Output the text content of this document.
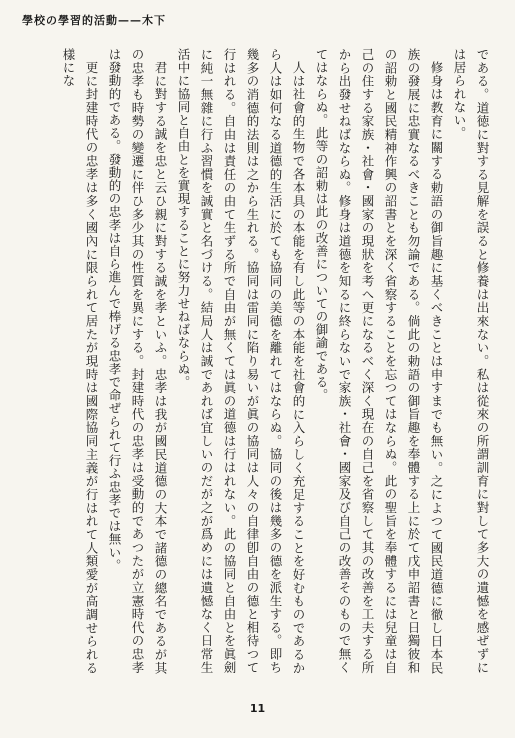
學校の學習的活動——木下

である。道徳に對する見解を誤ると修養は出來ない。私は從來の所謂訓育に對して多大の遺憾を感ぜずには居られない。

修身は教育に關する勅語の御旨趣に基くべきことは申すまでも無い。之によつて國民道德に徹し日本民族の發展に忠實なるべきことも勿論である。倘此の勅語の御旨趣を奉體する上に於て戊申詔書と日獨彼和の詔勅と國民精神作興の詔書とを深く省察することを忘つてはならぬ。此の聖旨を奉體するには兒童は自己の住する家族・社會・國家の現狀を考へ更になるべく深く現在の自己を省察して其の改善を工夫する所から出發せねばならぬ。修身は道德を知るに終らないで家族・社會・國家及び自己の改善そのもので無くてはならぬ。此等の詔勅は此の改善についての御諭である。

人は社會的生物で各本具の本能を有し此等の本能を社會的に入らしく充足することを好むものであるから人は如何なる道德的生活に於ても協同の美德を離れてはならぬ。協同の後は幾多の德を派生する。即ち幾多の消德的法則は之から生れる。協同は雷同に陷り易いが眞の協同は人々の自律卽自由の德と相待つて行はれる。自由は責任の由て生ずる所で自由が無くては眞の道德は行はれない。此の協同と自由とを眞劍に純一無雜に行ふ習慣を誠實と名づける。結局人は誠であれば宜しいのだが之が爲めには遺憾なく日常生活中に協同と自由とを實現することに努力せねばならぬ。

君に對する誠を忠と云ひ親に對する誠を孝といふ。忠孝は我が國民道德の大本で諸德の總名であるが其の忠孝も時勢の變遷に伴ひ多少其の性質を異にする。封建時代の忠孝は受動的であつたが立憲時代の忠孝は發動的である。發動的の忠孝は自ら進んで棒げる忠孝で命ぜられて行ふ忠孝では無い。

更に封建時代の忠孝は多く國內に限られて居たが現時は國際協同主義が行はれて人類愛が高調せられる樣にな

11
